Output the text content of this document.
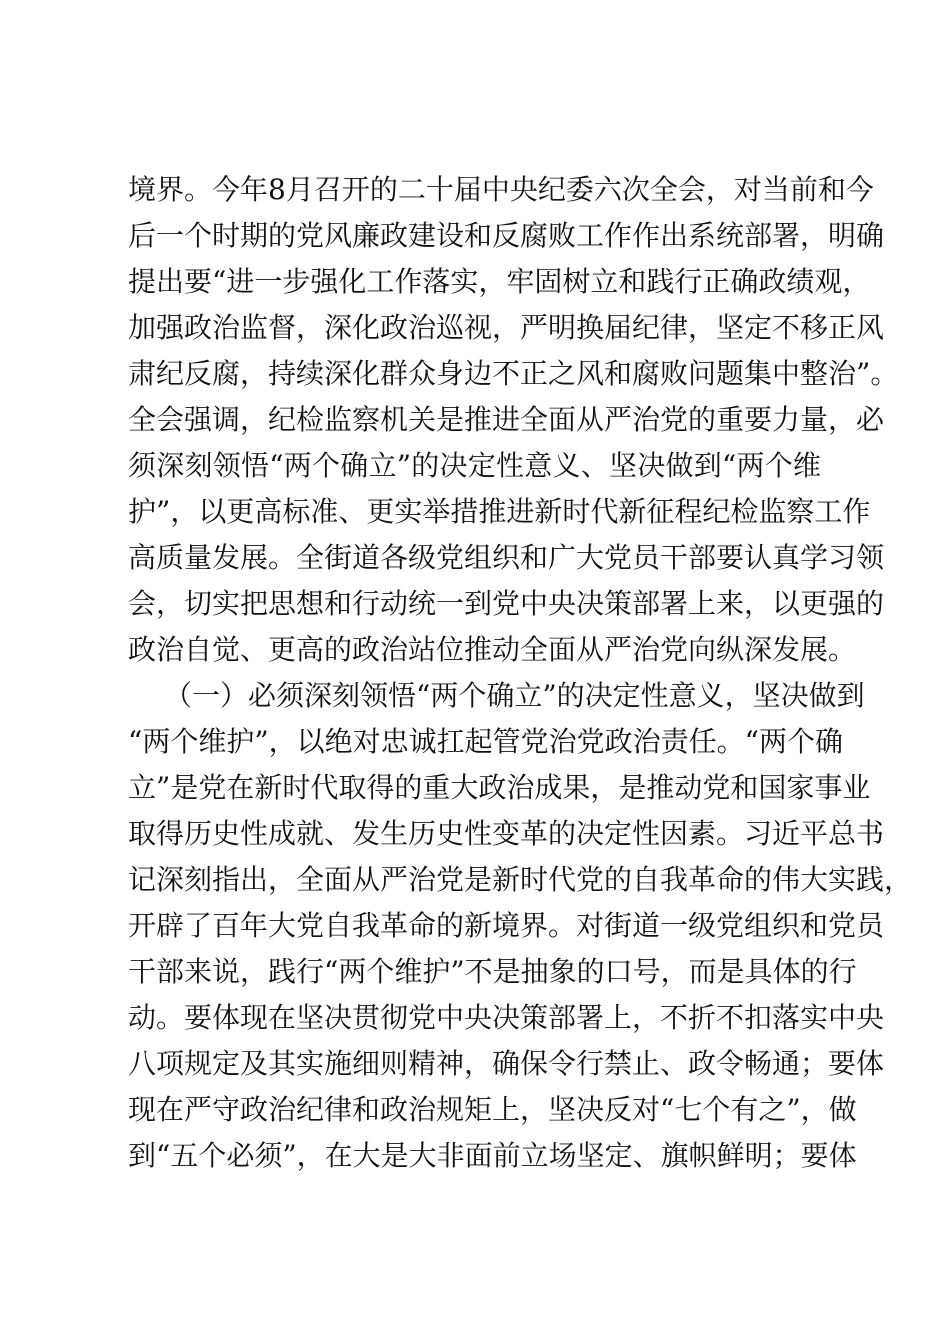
境界。今年8月召开的二十届中央纪委六次全会，对当前和今
后一个时期的党风廉政建设和反腐败工作作出系统部署，明确
提出要“进一步强化工作落实，牢固树立和践行正确政绩观，
加强政治监督，深化政治巡视，严明换届纪律，坚定不移正风
肃纪反腐，持续深化群众身边不正之风和腐败问题集中整治”。
全会强调，纪检监察机关是推进全面从严治党的重要力量，必
须深刻领悟“两个确立”的决定性意义、坚决做到“两个维
护”，以更高标准、更实举措推进新时代新征程纪检监察工作
高质量发展。全街道各级党组织和广大党员干部要认真学习领
会，切实把思想和行动统一到党中央决策部署上来，以更强的
政治自觉、更高的政治站位推动全面从严治党向纵深发展。
（一）必须深刻领悟“两个确立”的决定性意义，坚决做到
“两个维护”，以绝对忠诚扛起管党治党政治责任。“两个确
立”是党在新时代取得的重大政治成果，是推动党和国家事业
取得历史性成就、发生历史性变革的决定性因素。习近平总书
记深刻指出，全面从严治党是新时代党的自我革命的伟大实践，
开辟了百年大党自我革命的新境界。对街道一级党组织和党员
干部来说，践行“两个维护”不是抽象的口号，而是具体的行
动。要体现在坚决贯彻党中央决策部署上，不折不扣落实中央
八项规定及其实施细则精神，确保令行禁止、政令畅通；要体
现在严守政治纪律和政治规矩上，坚决反对“七个有之”，做
到“五个必须”，在大是大非面前立场坚定、旗帜鲜明；要体
